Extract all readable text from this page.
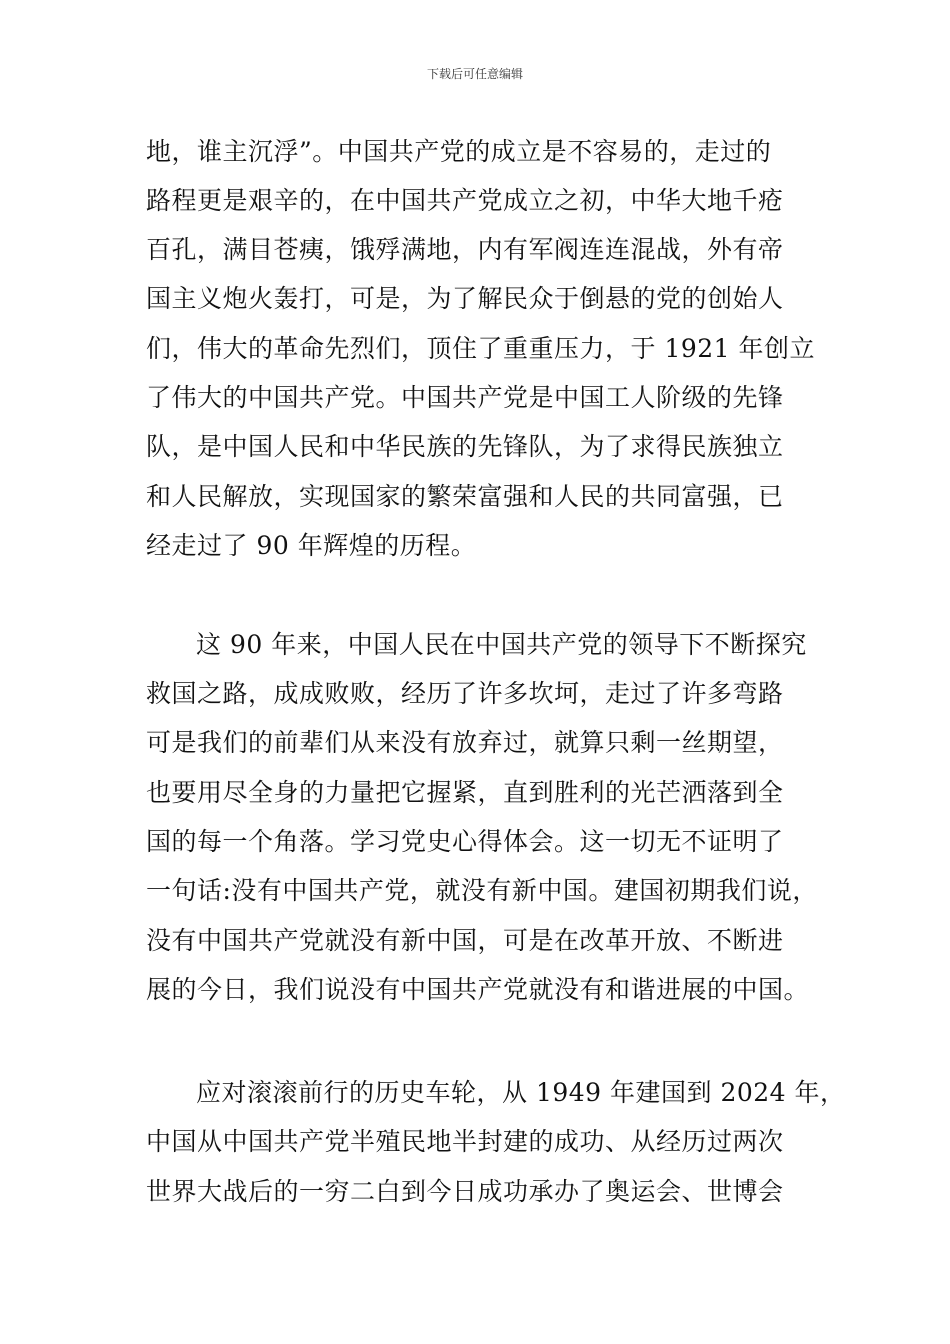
下载后可任意编辑
地，谁主沉浮”。中国共产党的成立是不容易的，走过的
路程更是艰辛的，在中国共产党成立之初，中华大地千疮
百孔，满目苍痍，饿殍满地，内有军阀连连混战，外有帝
国主义炮火轰打，可是，为了解民众于倒悬的党的创始人
们，伟大的革命先烈们，顶住了重重压力，于 1921 年创立
了伟大的中国共产党。中国共产党是中国工人阶级的先锋
队，是中国人民和中华民族的先锋队，为了求得民族独立
和人民解放，实现国家的繁荣富强和人民的共同富强，已
经走过了 90 年辉煌的历程。
这 90 年来，中国人民在中国共产党的领导下不断探究
救国之路，成成败败，经历了许多坎坷，走过了许多弯路
可是我们的前辈们从来没有放弃过，就算只剩一丝期望，
也要用尽全身的力量把它握紧，直到胜利的光芒洒落到全
国的每一个角落。学习党史心得体会。这一切无不证明了
一句话:没有中国共产党，就没有新中国。建国初期我们说，
没有中国共产党就没有新中国，可是在改革开放、不断进
展的今日，我们说没有中国共产党就没有和谐进展的中国。
应对滚滚前行的历史车轮，从 1949 年建国到 2024 年，
中国从中国共产党半殖民地半封建的成功、从经历过两次
世界大战后的一穷二白到今日成功承办了奥运会、世博会
